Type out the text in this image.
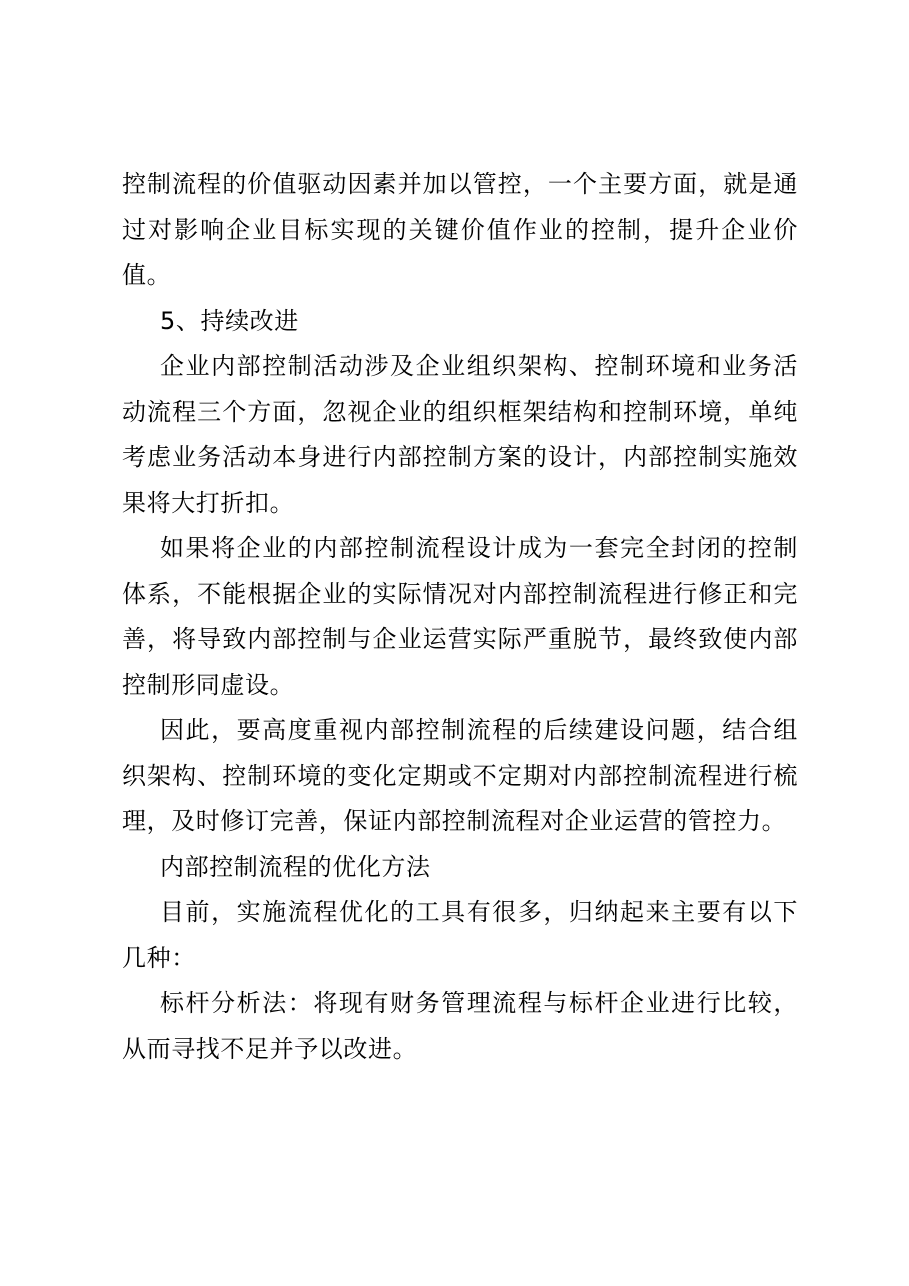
控制流程的价值驱动因素并加以管控，一个主要方面，就是通过对影响企业目标实现的关键价值作业的控制，提升企业价值。

5、持续改进

企业内部控制活动涉及企业组织架构、控制环境和业务活动流程三个方面，忽视企业的组织框架结构和控制环境，单纯考虑业务活动本身进行内部控制方案的设计，内部控制实施效果将大打折扣。

如果将企业的内部控制流程设计成为一套完全封闭的控制体系，不能根据企业的实际情况对内部控制流程进行修正和完善，将导致内部控制与企业运营实际严重脱节，最终致使内部控制形同虚设。

因此，要高度重视内部控制流程的后续建设问题，结合组织架构、控制环境的变化定期或不定期对内部控制流程进行梳理，及时修订完善，保证内部控制流程对企业运营的管控力。

内部控制流程的优化方法

目前，实施流程优化的工具有很多，归纳起来主要有以下几种：

标杆分析法：将现有财务管理流程与标杆企业进行比较，从而寻找不足并予以改进。
